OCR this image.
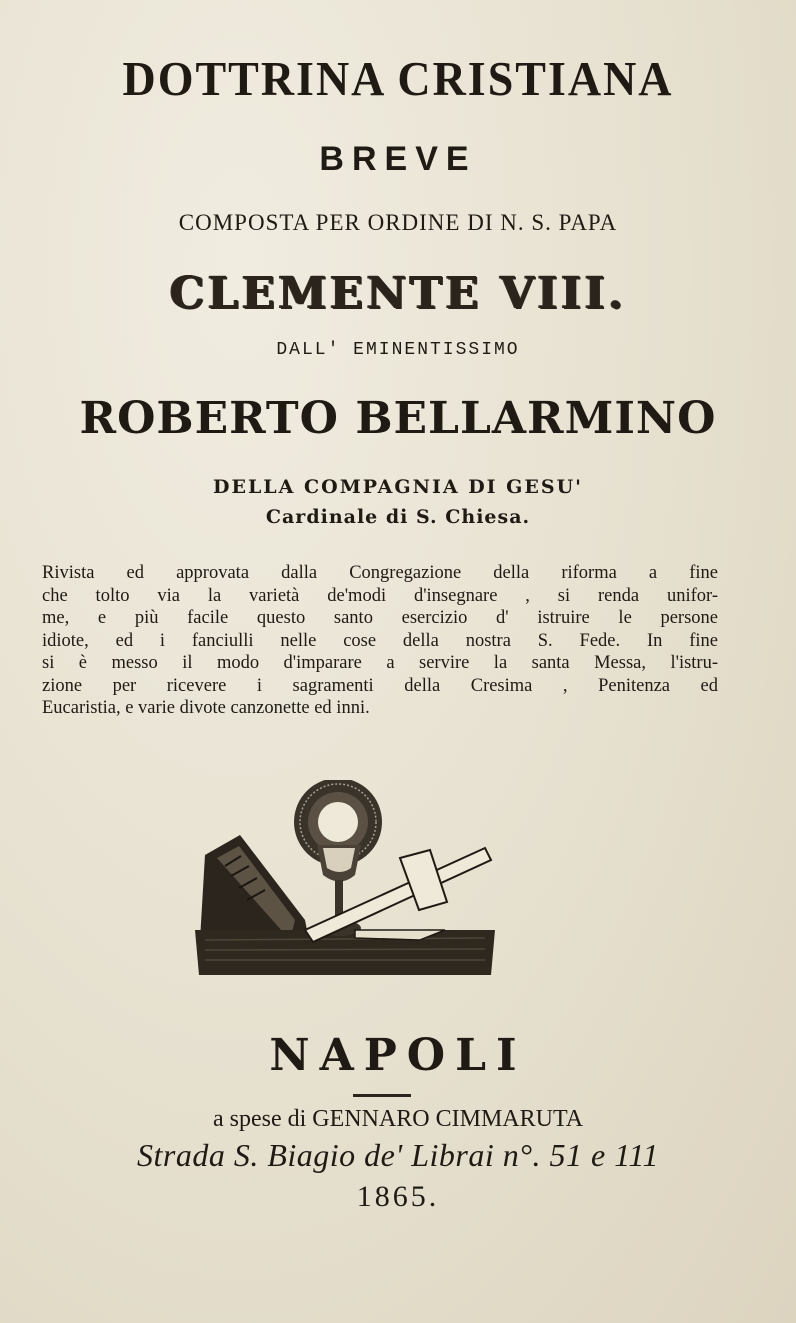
DOTTRINA CRISTIANA
BREVE
COMPOSTA PER ORDINE DI N. S. PAPA
CLEMENTE VIII.
DALL' EMINENTISSIMO
ROBERTO BELLARMINO
DELLA COMPAGNIA DI GESU'
Cardinale di S. Chiesa.
Rivista ed approvata dalla Congregazione della riforma a fine
che tolto via la varietà de'modi d'insegnare , si renda unifor-
me, e più facile questo santo esercizio d' istruire le persone
idiote, ed i fanciulli nelle cose della nostra S. Fede. In fine
si è messo il modo d'imparare a servire la santa Messa, l'istru-
zione per ricevere i sagramenti della Cresima , Penitenza ed
Eucaristia, e varie divote canzonette ed inni.
NAPOLI
a spese di GENNARO CIMMARUTA
Strada S. Biagio de' Librai n°. 51 e 111
1865.
